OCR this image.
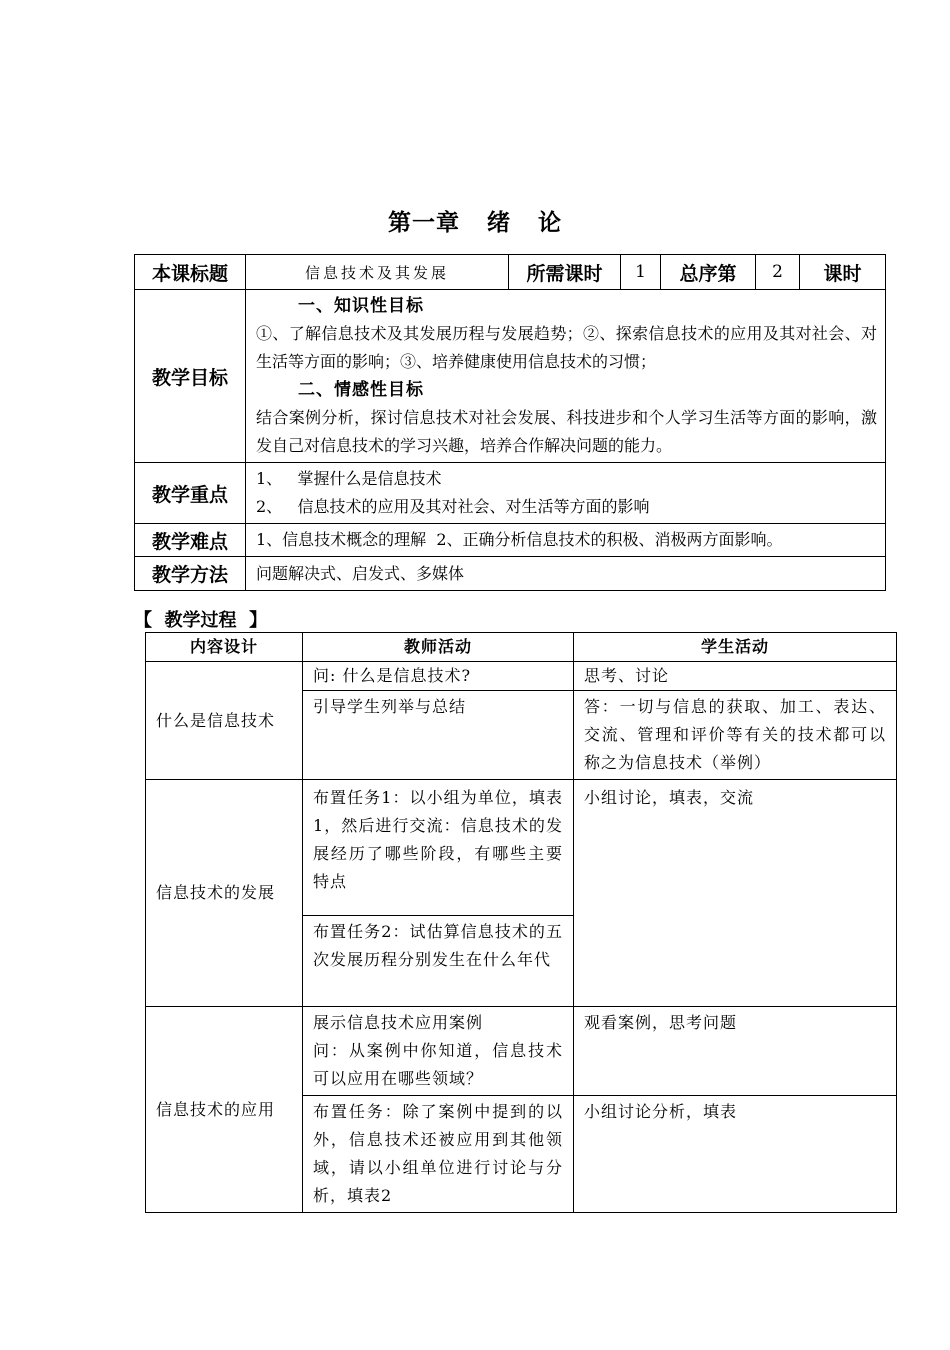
第一章   绪   论
本课标题	信息技术及其发展	所需课时	1	总序第	2	课时
教学目标	一、知识性目标
①、了解信息技术及其发展历程与发展趋势；②、探索信息技术的应用及其对社会、对生活等方面的影响；③、培养健康使用信息技术的习惯；
二、情感性目标
结合案例分析，探讨信息技术对社会发展、科技进步和个人学习生活等方面的影响，激发自己对信息技术的学习兴趣，培养合作解决问题的能力。					

教学重点	1、   掌握什么是信息技术
2、   信息技术的应用及其对社会、对生活等方面的影响					

教学难点	1、信息技术概念的理解  2、正确分析信息技术的积极、消极两方面影响。					
教学方法	问题解决式、启发式、多媒体					
【  教学过程  】
内容设计	教师活动	学生活动
什么是信息技术	问: 什么是信息技术?	思考、讨论
	引导学生列举与总结	答：一切与信息的获取、加工、表达、交流、管理和评价等有关的技术都可以称之为信息技术（举例）
信息技术的发展	布置任务1：以小组为单位，填表1，然后进行交流：信息技术的发展经历了哪些阶段，有哪些主要特点	小组讨论，填表，交流
	布置任务2：试估算信息技术的五次发展历程分别发生在什么年代	
信息技术的应用	展示信息技术应用案例
问：从案例中你知道，信息技术可以应用在哪些领域？	观看案例，思考问题
	布置任务：除了案例中提到的以外，信息技术还被应用到其他领域，请以小组单位进行讨论与分析，填表2	小组讨论分析，填表
